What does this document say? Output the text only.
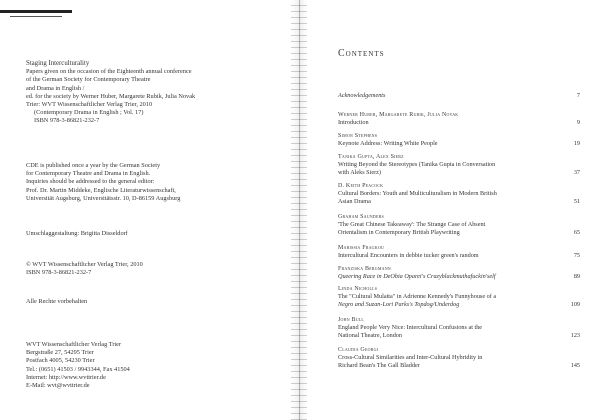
Staging Interculturality
Papers given on the occasion of the Eighteenth annual conference
of the German Society for Contemporary Theatre
and Drama in English /
ed. for the society by Werner Huber, Margarete Rubik, Julia Novak
Trier: WVT Wissenschaftlicher Verlag Trier, 2010
(Contemporary Drama in English ; Vol. 17)
ISBN 978-3-86821-232-7
CDE is published once a year by the German Society
for Contemporary Theatre and Drama in English.
Inquiries should be addressed to the general editor:
Prof. Dr. Martin Middeke, Englische Literaturwissenschaft,
Universität Augsburg, Universitätsstr. 10, D-86159 Augsburg
Umschlaggestaltung: Brigitta Disseldorf
© WVT Wissenschaftlicher Verlag Trier, 2010
ISBN 978-3-86821-232-7
Alle Rechte vorbehalten
WVT Wissenschaftlicher Verlag Trier
Bergstraße 27, 54295 Trier
Postfach 4005, 54230 Trier
Tel.: (0651) 41503 / 9943344, Fax 41504
Internet: http://www.wvttrier.de
E-Mail: wvt@wvttrier.de
Contents
Acknowledgements	7
Werner Huber, Margarete Rubik, Julia Novak
Introduction	9
Simon Stephens
Keynote Address: Writing White People	19
Tanika Gupta, Alex Sierz
Writing Beyond the Stereotypes (Tanika Gupta in Conversation
with Aleks Sierz)	37
D. Keith Peacock
Cultural Borders: Youth and Multiculturalism in Modern British
Asian Drama	51
Graham Saunders
'The Great Chinese Takeaway': The Strange Case of Absent
Orientalism in Contemporary British Playwriting	65
Marissia Fragkou
Intercultural Encounters in debbie tucker green's random	75
Franziska Bergmann
Queering Race in DeObia Oparei's Crazyblackmuthafuckin'self	89
Linda Nicholls
The "Cultural Mulatta" in Adrienne Kennedy's Funnyhouse of a
Negro and Suzan-Lori Parks's Topdog/Underdog	109
John Bull
England People Very Nice: Intercultural Confusions at the
National Theatre, London	123
Claudia Georgi
Cross-Cultural Similarities and Inter-Cultural Hybridity in
Richard Bean's The Gall Bladder	145
